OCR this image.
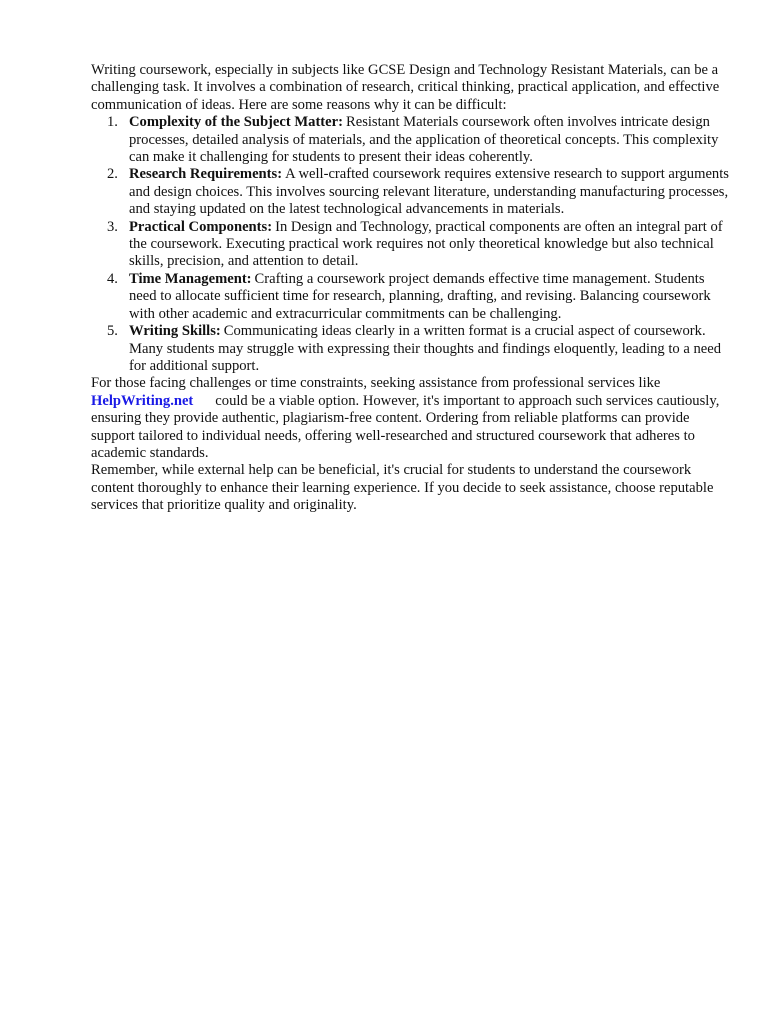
Writing coursework, especially in subjects like GCSE Design and Technology Resistant Materials, can be a challenging task. It involves a combination of research, critical thinking, practical application, and effective communication of ideas. Here are some reasons why it can be difficult:

1. Complexity of the Subject Matter: Resistant Materials coursework often involves intricate design processes, detailed analysis of materials, and the application of theoretical concepts. This complexity can make it challenging for students to present their ideas coherently.
2. Research Requirements: A well-crafted coursework requires extensive research to support arguments and design choices. This involves sourcing relevant literature, understanding manufacturing processes, and staying updated on the latest technological advancements in materials.
3. Practical Components: In Design and Technology, practical components are often an integral part of the coursework. Executing practical work requires not only theoretical knowledge but also technical skills, precision, and attention to detail.
4. Time Management: Crafting a coursework project demands effective time management. Students need to allocate sufficient time for research, planning, drafting, and revising. Balancing coursework with other academic and extracurricular commitments can be challenging.
5. Writing Skills: Communicating ideas clearly in a written format is a crucial aspect of coursework. Many students may struggle with expressing their thoughts and findings eloquently, leading to a need for additional support.

For those facing challenges or time constraints, seeking assistance from professional services like
HelpWriting.net could be a viable option. However, it's important to approach such services cautiously, ensuring they provide authentic, plagiarism-free content. Ordering from reliable platforms can provide support tailored to individual needs, offering well-researched and structured coursework that adheres to academic standards.

Remember, while external help can be beneficial, it's crucial for students to understand the coursework content thoroughly to enhance their learning experience. If you decide to seek assistance, choose reputable services that prioritize quality and originality.
